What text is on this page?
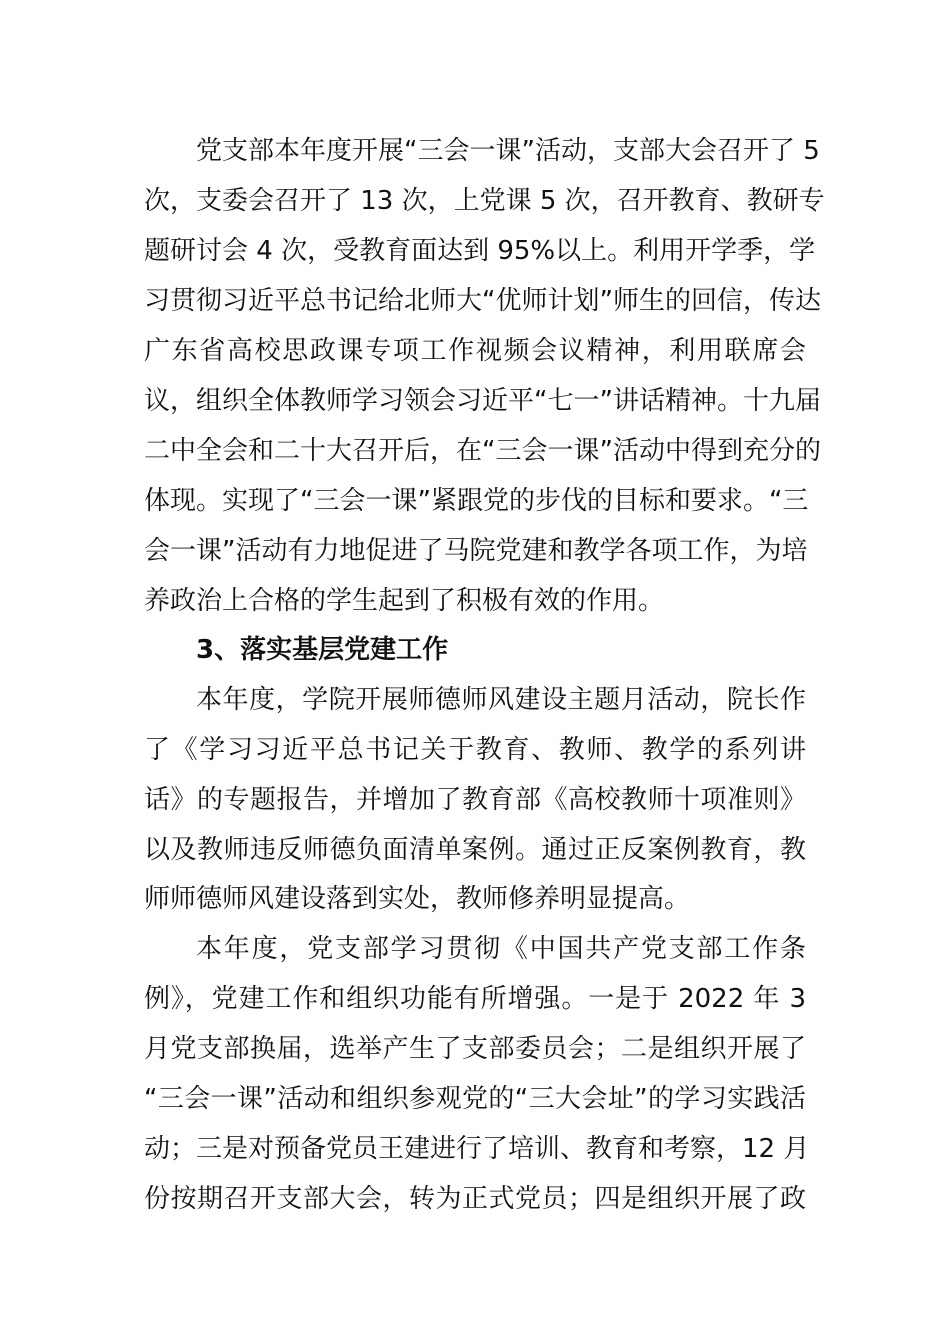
党支部本年度开展“三会一课”活动，支部大会召开了 5
次，支委会召开了 13 次，上党课 5 次，召开教育、教研专
题研讨会 4 次，受教育面达到 95%以上。利用开学季，学
习贯彻习近平总书记给北师大“优师计划”师生的回信，传达
广东省高校思政课专项工作视频会议精神，利用联席会
议，组织全体教师学习领会习近平“七一”讲话精神。十九届
二中全会和二十大召开后，在“三会一课”活动中得到充分的
体现。实现了“三会一课”紧跟党的步伐的目标和要求。“三
会一课”活动有力地促进了马院党建和教学各项工作，为培
养政治上合格的学生起到了积极有效的作用。
3、落实基层党建工作
本年度，学院开展师德师风建设主题月活动，院长作
了《学习习近平总书记关于教育、教师、教学的系列讲
话》的专题报告，并增加了教育部《高校教师十项准则》
以及教师违反师德负面清单案例。通过正反案例教育，教
师师德师风建设落到实处，教师修养明显提高。
本年度，党支部学习贯彻《中国共产党支部工作条
例》，党建工作和组织功能有所增强。一是于 2022 年 3
月党支部换届，选举产生了支部委员会；二是组织开展了
“三会一课”活动和组织参观党的“三大会址”的学习实践活
动；三是对预备党员王建进行了培训、教育和考察，12 月
份按期召开支部大会，转为正式党员；四是组织开展了政
